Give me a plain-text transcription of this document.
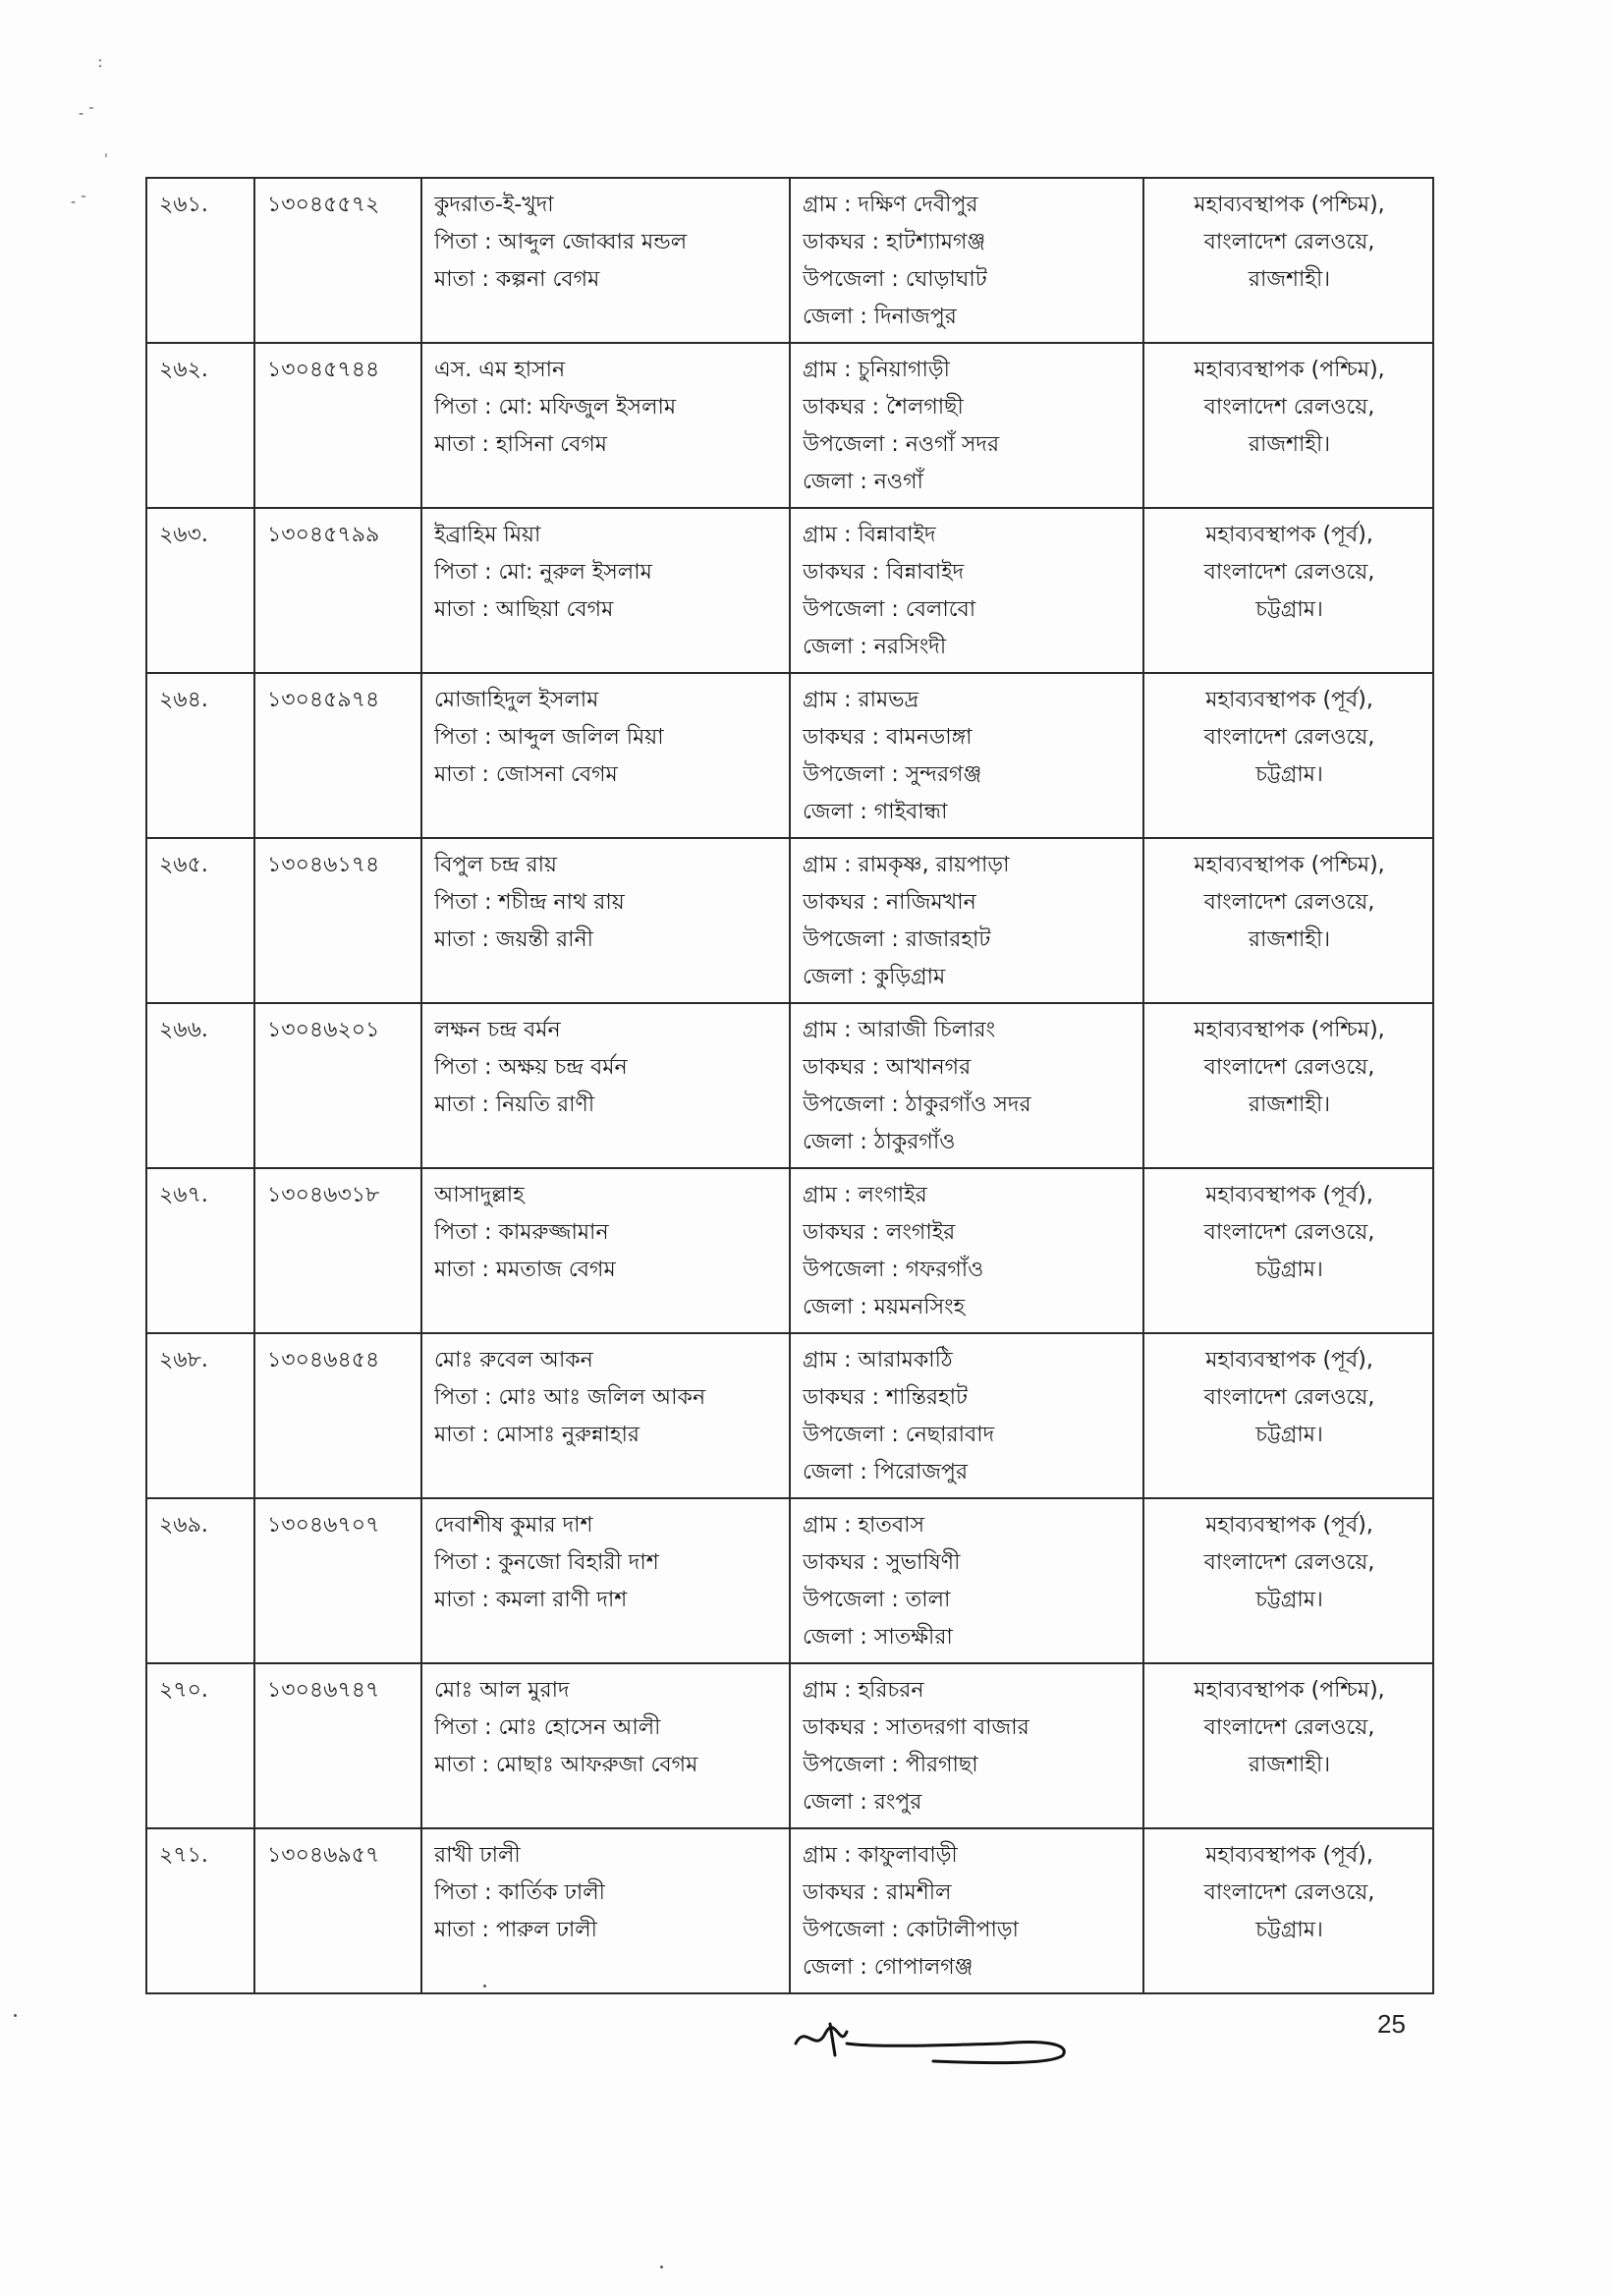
ː
- ˉ
ˌ
- ˉ	২৬১.	১৩০৪৫৫৭২	কুদরাত-ই-খুদা
পিতা : আব্দুল জোব্বার মন্ডল
মাতা : কল্পনা বেগম	গ্রাম : দক্ষিণ দেবীপুর
ডাকঘর : হাটশ্যামগঞ্জ
উপজেলা : ঘোড়াঘাট
জেলা : দিনাজপুর	মহাব্যবস্থাপক (পশ্চিম),
বাংলাদেশ রেলওয়ে,
রাজশাহী।

২৬২.	১৩০৪৫৭৪৪	এস. এম হাসান
পিতা : মো: মফিজুল ইসলাম
মাতা : হাসিনা বেগম	গ্রাম : চুনিয়াগাড়ী
ডাকঘর : শৈলগাছী
উপজেলা : নওগাঁ সদর
জেলা : নওগাঁ	মহাব্যবস্থাপক (পশ্চিম),
বাংলাদেশ রেলওয়ে,
রাজশাহী।

২৬৩.	১৩০৪৫৭৯৯	ইব্রাহিম মিয়া
পিতা : মো: নুরুল ইসলাম
মাতা : আছিয়া বেগম	গ্রাম : বিন্নাবাইদ
ডাকঘর : বিন্নাবাইদ
উপজেলা : বেলাবো
জেলা : নরসিংদী	মহাব্যবস্থাপক (পূর্ব),
বাংলাদেশ রেলওয়ে,
চট্টগ্রাম।

২৬৪.	১৩০৪৫৯৭৪	মোজাহিদুল ইসলাম
পিতা : আব্দুল জলিল মিয়া
মাতা : জোসনা বেগম	গ্রাম : রামভদ্র
ডাকঘর : বামনডাঙ্গা
উপজেলা : সুন্দরগঞ্জ
জেলা : গাইবান্ধা	মহাব্যবস্থাপক (পূর্ব),
বাংলাদেশ রেলওয়ে,
চট্টগ্রাম।

২৬৫.	১৩০৪৬১৭৪	বিপুল চন্দ্র রায়
পিতা : শচীন্দ্র নাথ রায়
মাতা : জয়ন্তী রানী	গ্রাম : রামকৃষ্ণ, রায়পাড়া
ডাকঘর : নাজিমখান
উপজেলা : রাজারহাট
জেলা : কুড়িগ্রাম	মহাব্যবস্থাপক (পশ্চিম),
বাংলাদেশ রেলওয়ে,
রাজশাহী।

২৬৬.	১৩০৪৬২০১	লক্ষন চন্দ্র বর্মন
পিতা : অক্ষয় চন্দ্র বর্মন
মাতা : নিয়তি রাণী	গ্রাম : আরাজী চিলারং
ডাকঘর : আখানগর
উপজেলা : ঠাকুরগাঁও সদর
জেলা : ঠাকুরগাঁও	মহাব্যবস্থাপক (পশ্চিম),
বাংলাদেশ রেলওয়ে,
রাজশাহী।

২৬৭.	১৩০৪৬৩১৮	আসাদুল্লাহ
পিতা : কামরুজ্জামান
মাতা : মমতাজ বেগম	গ্রাম : লংগাইর
ডাকঘর : লংগাইর
উপজেলা : গফরগাঁও
জেলা : ময়মনসিংহ	মহাব্যবস্থাপক (পূর্ব),
বাংলাদেশ রেলওয়ে,
চট্টগ্রাম।

২৬৮.	১৩০৪৬৪৫৪	মোঃ রুবেল আকন
পিতা : মোঃ আঃ জলিল আকন
মাতা : মোসাঃ নুরুন্নাহার	গ্রাম : আরামকাঠি
ডাকঘর : শান্তিরহাট
উপজেলা : নেছারাবাদ
জেলা : পিরোজপুর	মহাব্যবস্থাপক (পূর্ব),
বাংলাদেশ রেলওয়ে,
চট্টগ্রাম।

২৬৯.	১৩০৪৬৭০৭	দেবাশীষ কুমার দাশ
পিতা : কুনজো বিহারী দাশ
মাতা : কমলা রাণী দাশ	গ্রাম : হাতবাস
ডাকঘর : সুভাষিণী
উপজেলা : তালা
জেলা : সাতক্ষীরা	মহাব্যবস্থাপক (পূর্ব),
বাংলাদেশ রেলওয়ে,
চট্টগ্রাম।

২৭০.	১৩০৪৬৭৪৭	মোঃ আল মুরাদ
পিতা : মোঃ হোসেন আলী
মাতা : মোছাঃ আফরুজা বেগম	গ্রাম : হরিচরন
ডাকঘর : সাতদরগা বাজার
উপজেলা : পীরগাছা
জেলা : রংপুর	মহাব্যবস্থাপক (পশ্চিম),
বাংলাদেশ রেলওয়ে,
রাজশাহী।

২৭১.	১৩০৪৬৯৫৭	রাখী ঢালী
পিতা : কার্তিক ঢালী
মাতা : পারুল ঢালী	গ্রাম : কাফুলাবাড়ী
ডাকঘর : রামশীল
উপজেলা : কোটালীপাড়া
জেলা : গোপালগঞ্জ	মহাব্যবস্থাপক (পূর্ব),
বাংলাদেশ রেলওয়ে,
চট্টগ্রাম।
25
